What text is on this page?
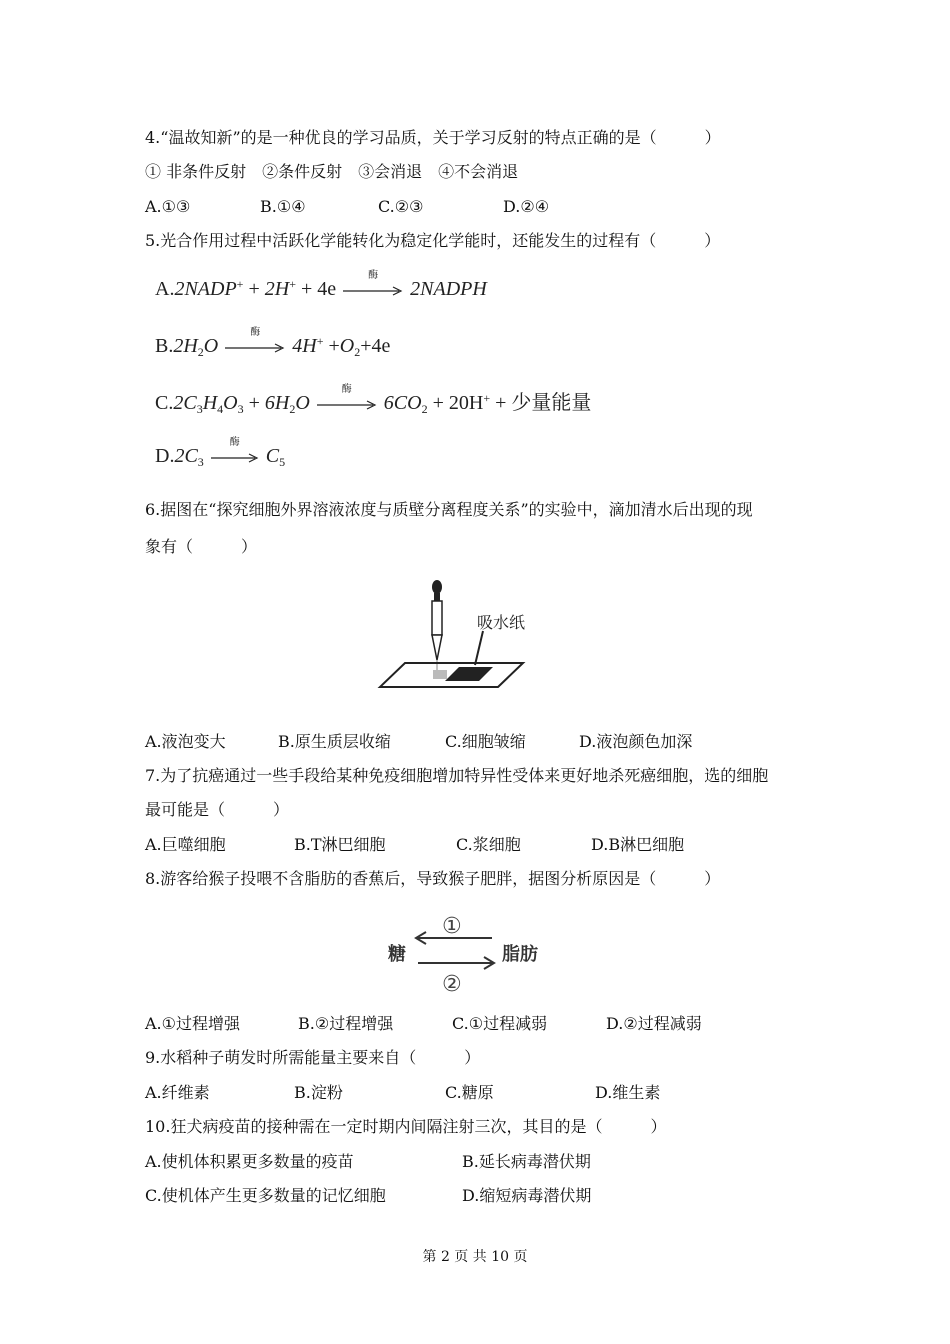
4.“温故知新”的是一种优良的学习品质，关于学习反射的特点正确的是（　　　）
① 非条件反射　②条件反射　③会消退　④不会消退
A.①③	B.①④	C.②③	D.②④
5.光合作用过程中活跃化学能转化为稳定化学能时，还能发生的过程有（　　　）
A.2NADP+ + 2H+ + 4e
酶
2NADPH
$B.2H_2O$
酶
$4H^+ +O_2+4e$
$C.2C_3H_4O_3 + 6H_2O$
酶
$6CO_2 + 20H^+$ + 少量能量
$D.2C_3$
酶
$C_5$
6.据图在“探究细胞外界溶液浓度与质壁分离程度关系”的实验中，滴加清水后出现的现
象有（　　　）
吸水纸
A.液泡变大	B.原生质层收缩	C.细胞皱缩	D.液泡颜色加深
7.为了抗癌通过一些手段给某种免疫细胞增加特异性受体来更好地杀死癌细胞，选的细胞
最可能是（　　　）
A.巨噬细胞	B.T淋巴细胞	C.浆细胞	D.B淋巴细胞
8.游客给猴子投喂不含脂肪的香蕉后，导致猴子肥胖，据图分析原因是（　　　）
糖	脂肪
①
②
A.①过程增强	B.②过程增强	C.①过程减弱	D.②过程减弱
9.水稻种子萌发时所需能量主要来自（　　　）
A.纤维素	B.淀粉	C.糖原	D.维生素
10.狂犬病疫苗的接种需在一定时期内间隔注射三次，其目的是（　　　）
A.使机体积累更多数量的疫苗	B.延长病毒潜伏期
C.使机体产生更多数量的记忆细胞	D.缩短病毒潜伏期
第 2 页 共 10 页
